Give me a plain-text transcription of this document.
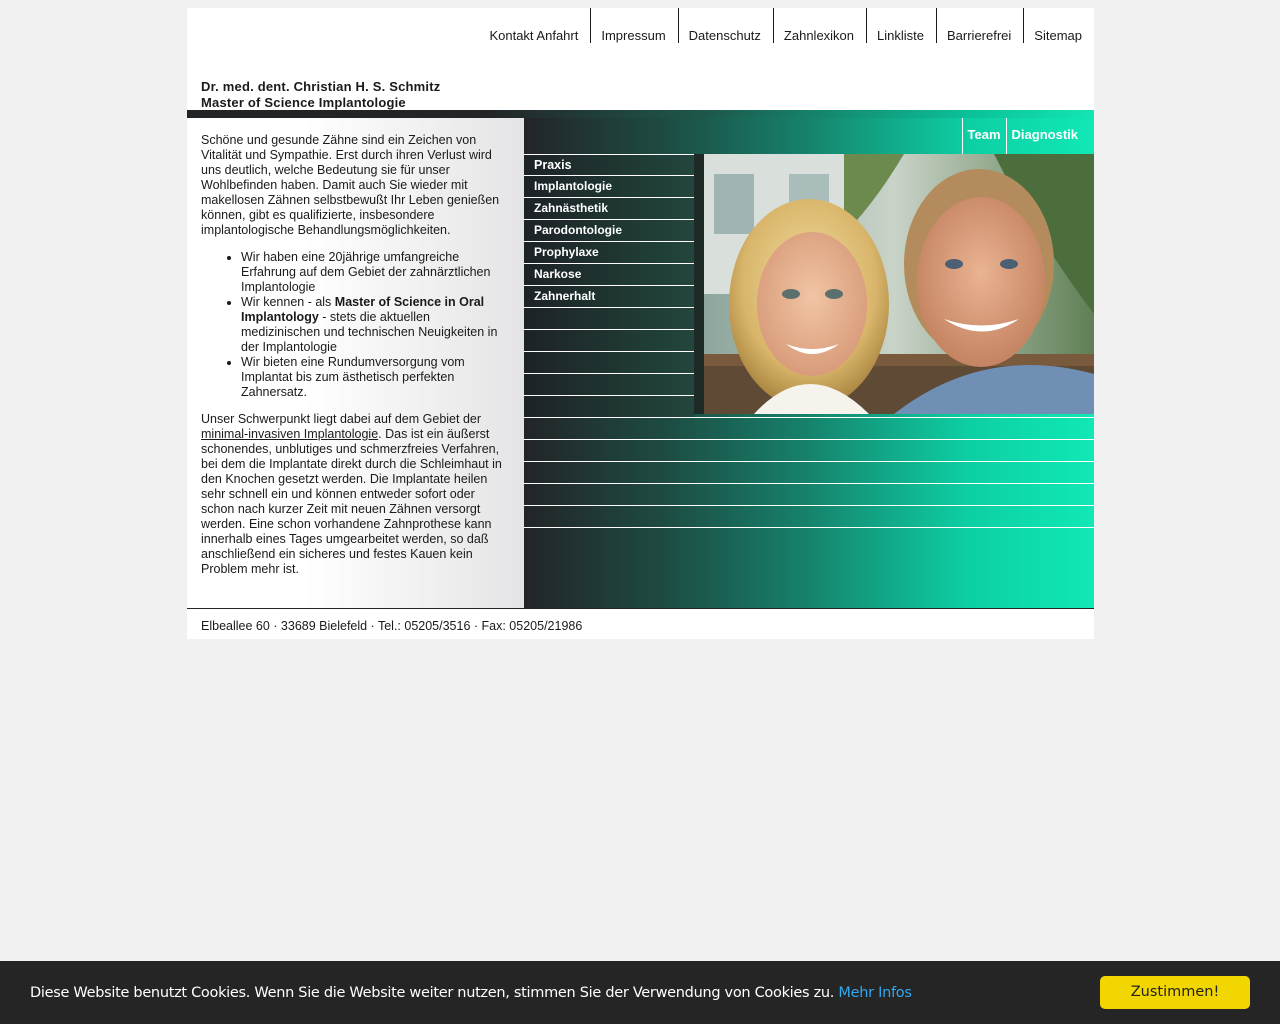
Kontakt Anfahrt	Impressum	Datenschutz	Zahnlexikon	Linkliste	Barrierefrei	Sitemap
Dr. med. dent. Christian H. S. Schmitz
Master of Science Implantologie

Schöne und gesunde Zähne sind ein Zeichen von Vitalität und Sympathie. Erst durch ihren Verlust wird uns deutlich, welche Bedeutung sie für unser Wohlbefinden haben. Damit auch Sie wieder mit makellosen Zähnen selbstbewußt Ihr Leben genießen können, gibt es qualifizierte, insbesondere implantologische Behandlungsmöglichkeiten.

• Wir haben eine 20jährige umfangreiche Erfahrung auf dem Gebiet der zahnärztlichen Implantologie
• Wir kennen - als Master of Science in Oral Implantology - stets die aktuellen medizinischen und technischen Neuigkeiten in der Implantologie
• Wir bieten eine Rundumversorgung vom Implantat bis zum ästhetisch perfekten Zahnersatz.

Unser Schwerpunkt liegt dabei auf dem Gebiet der minimal-invasiven Implantologie. Das ist ein äußerst schonendes, unblutiges und schmerzfreies Verfahren, bei dem die Implantate direkt durch die Schleimhaut in den Knochen gesetzt werden. Die Implantate heilen sehr schnell ein und können entweder sofort oder schon nach kurzer Zeit mit neuen Zähnen versorgt werden. Eine schon vorhandene Zahnprothese kann innerhalb eines Tages umgearbeitet werden, so daß anschließend ein sicheres und festes Kauen kein Problem mehr ist.

Team Diagnostik
Praxis
Implantologie
Zahnästhetik
Parodontologie
Prophylaxe
Narkose
Zahnerhalt
Elbeallee 60 · 33689 Bielefeld · Tel.: 05205/3516 · Fax: 05205/21986
Diese Website benutzt Cookies. Wenn Sie die Website weiter nutzen, stimmen Sie der Verwendung von Cookies zu. Mehr Infos	Zustimmen!
